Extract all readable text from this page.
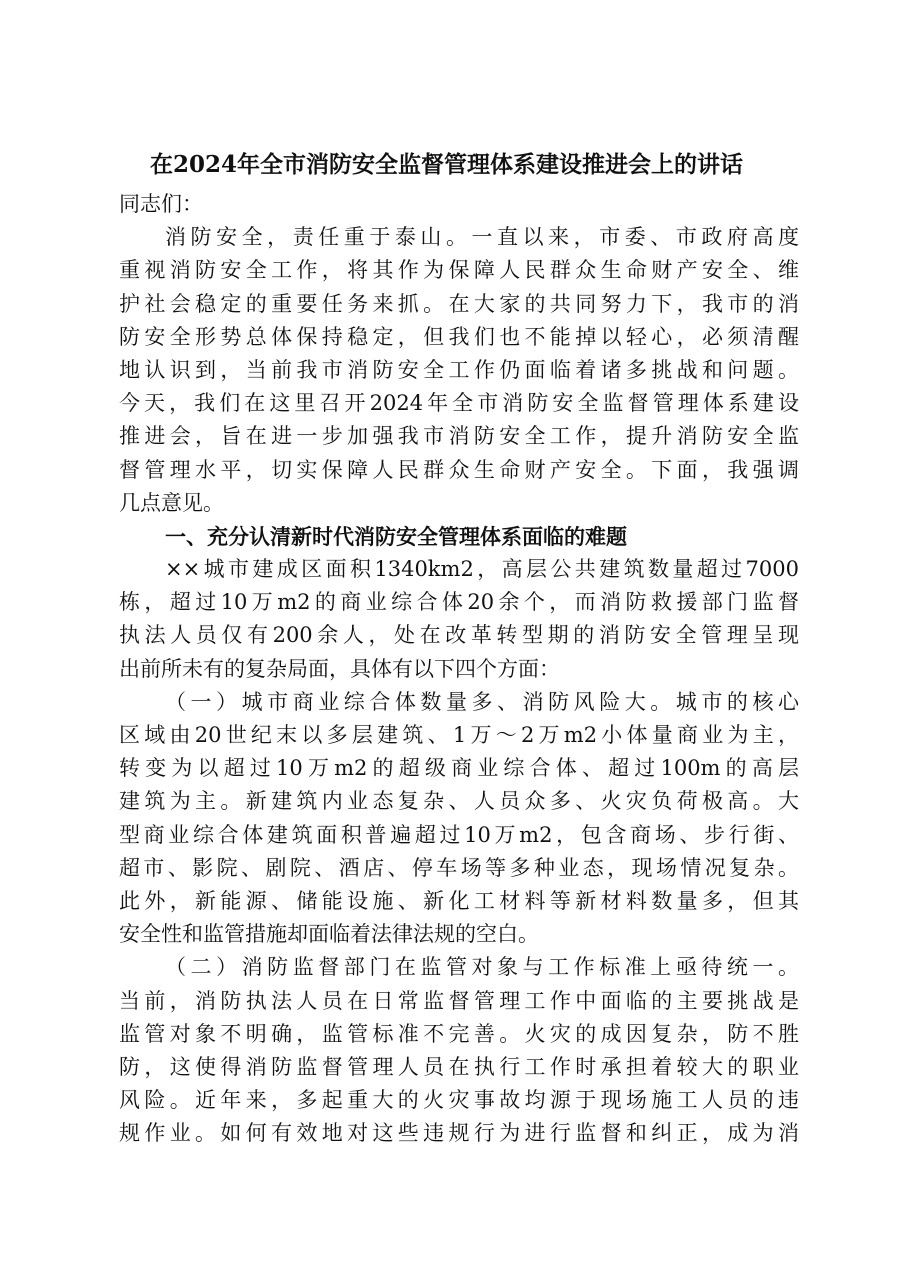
在2024年全市消防安全监督管理体系建设推进会上的讲话
同志们：
消防安全，责任重于泰山。一直以来，市委、市政府高度
重视消防安全工作，将其作为保障人民群众生命财产安全、维
护社会稳定的重要任务来抓。在大家的共同努力下，我市的消
防安全形势总体保持稳定，但我们也不能掉以轻心，必须清醒
地认识到，当前我市消防安全工作仍面临着诸多挑战和问题。
今天，我们在这里召开2024年全市消防安全监督管理体系建设
推进会，旨在进一步加强我市消防安全工作，提升消防安全监
督管理水平，切实保障人民群众生命财产安全。下面，我强调
几点意见。
一、充分认清新时代消防安全管理体系面临的难题
××城市建成区面积1340km2，高层公共建筑数量超过7000
栋，超过10万m2的商业综合体20余个，而消防救援部门监督
执法人员仅有200余人，处在改革转型期的消防安全管理呈现
出前所未有的复杂局面，具体有以下四个方面：
（一）城市商业综合体数量多、消防风险大。城市的核心
区域由20世纪末以多层建筑、1万～2万m2小体量商业为主，
转变为以超过10万m2的超级商业综合体、超过100m的高层
建筑为主。新建筑内业态复杂、人员众多、火灾负荷极高。大
型商业综合体建筑面积普遍超过10万m2，包含商场、步行街、
超市、影院、剧院、酒店、停车场等多种业态，现场情况复杂。
此外，新能源、储能设施、新化工材料等新材料数量多，但其
安全性和监管措施却面临着法律法规的空白。
（二）消防监督部门在监管对象与工作标准上亟待统一。
当前，消防执法人员在日常监督管理工作中面临的主要挑战是
监管对象不明确，监管标准不完善。火灾的成因复杂，防不胜
防，这使得消防监督管理人员在执行工作时承担着较大的职业
风险。近年来，多起重大的火灾事故均源于现场施工人员的违
规作业。如何有效地对这些违规行为进行监督和纠正，成为消
